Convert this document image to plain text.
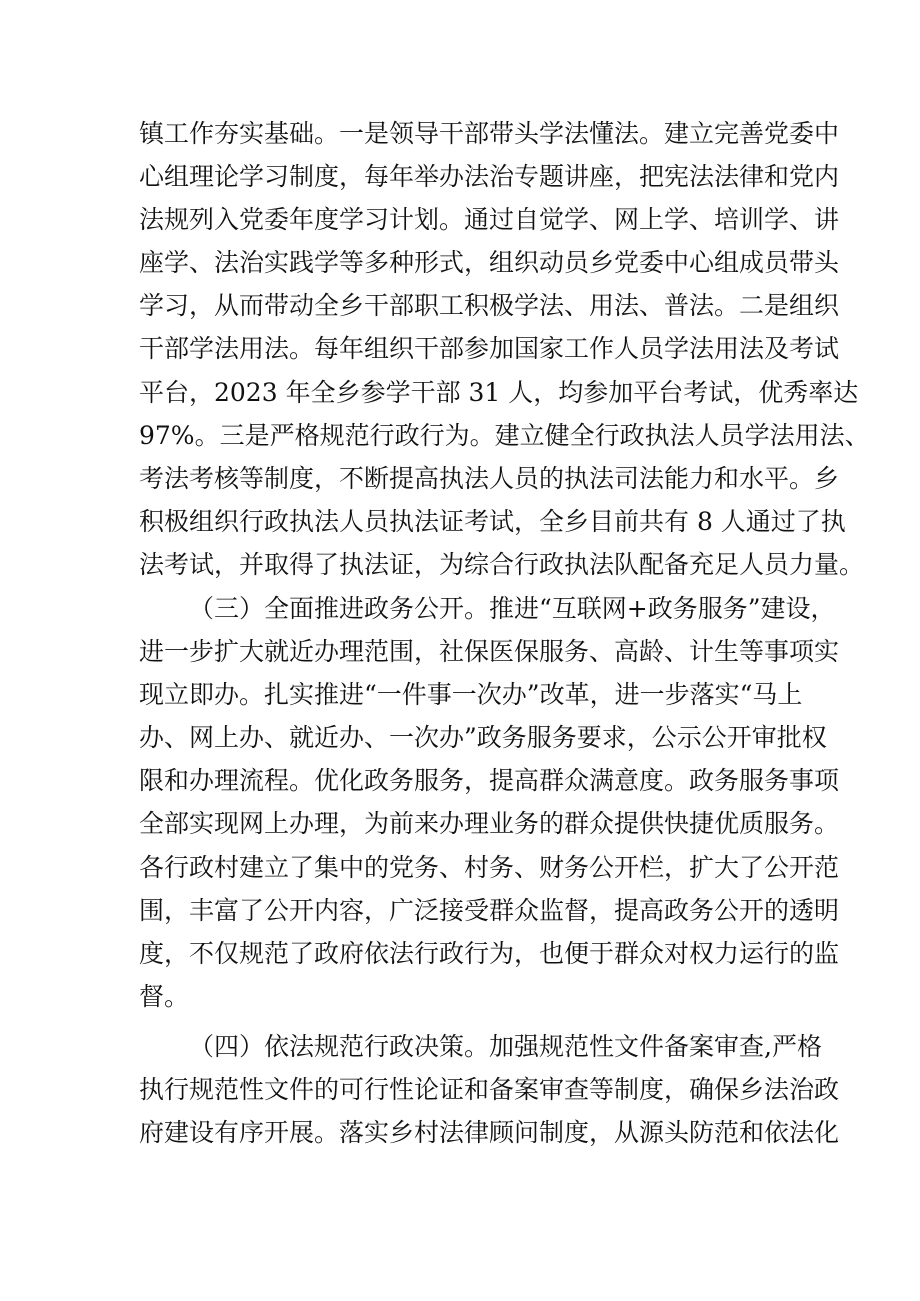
镇工作夯实基础。一是领导干部带头学法懂法。建立完善党委中
心组理论学习制度，每年举办法治专题讲座，把宪法法律和党内
法规列入党委年度学习计划。通过自觉学、网上学、培训学、讲
座学、法治实践学等多种形式，组织动员乡党委中心组成员带头
学习，从而带动全乡干部职工积极学法、用法、普法。二是组织
干部学法用法。每年组织干部参加国家工作人员学法用法及考试
平台，2023 年全乡参学干部 31 人，均参加平台考试，优秀率达
97%。三是严格规范行政行为。建立健全行政执法人员学法用法、
考法考核等制度，不断提高执法人员的执法司法能力和水平。乡
积极组织行政执法人员执法证考试，全乡目前共有 8 人通过了执
法考试，并取得了执法证，为综合行政执法队配备充足人员力量。
（三）全面推进政务公开。推进“互联网+政务服务”建设，
进一步扩大就近办理范围，社保医保服务、高龄、计生等事项实
现立即办。扎实推进“一件事一次办”改革，进一步落实“马上
办、网上办、就近办、一次办”政务服务要求，公示公开审批权
限和办理流程。优化政务服务，提高群众满意度。政务服务事项
全部实现网上办理，为前来办理业务的群众提供快捷优质服务。
各行政村建立了集中的党务、村务、财务公开栏，扩大了公开范
围，丰富了公开内容，广泛接受群众监督，提高政务公开的透明
度，不仅规范了政府依法行政行为，也便于群众对权力运行的监
督。
（四）依法规范行政决策。加强规范性文件备案审查,严格
执行规范性文件的可行性论证和备案审查等制度，确保乡法治政
府建设有序开展。落实乡村法律顾问制度，从源头防范和依法化
